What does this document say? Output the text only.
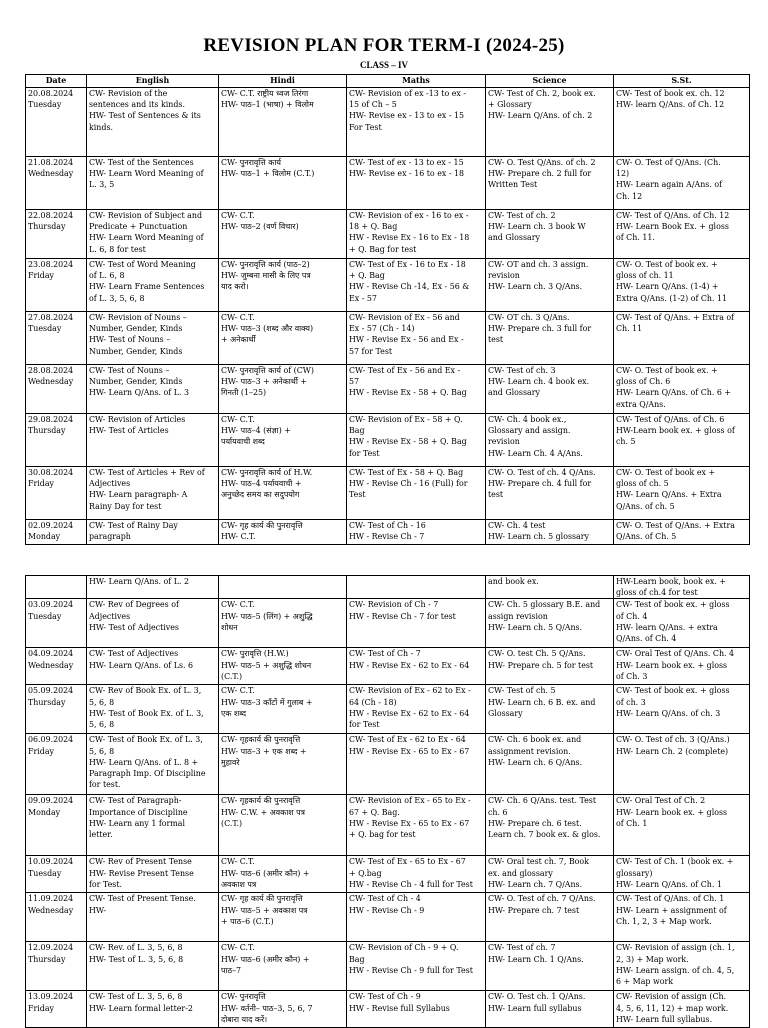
REVISION PLAN FOR TERM-I (2024-25)
CLASS – IV
Date	English	Hindi	Maths	Science	S.St.
20.08.2024
Tuesday	CW- Revision of the
sentences and its kinds.
HW- Test of Sentences & its
kinds.	CW- C.T. राष्ट्रीय ध्वज तिरंगा
HW- पाठ–1 (भाषा) + विलोम	CW- Revision of ex -13 to ex -
15 of Ch – 5
HW- Revise ex - 13 to ex - 15
For Test	CW- Test of Ch. 2, book ex.
+ Glossary
HW- Learn Q/Ans. of ch. 2	CW- Test of book ex. ch. 12
HW- learn Q/Ans. of Ch. 12
21.08.2024
Wednesday	CW- Test of the Sentences
HW- Learn Word Meaning of
L. 3, 5	CW- पुनरावृत्ति कार्य
HW- पाठ–1 + विलोम (C.T.)	CW- Test of ex - 13 to ex - 15
HW- Revise ex - 16 to ex - 18	CW- O. Test Q/Ans. of ch. 2
HW- Prepare ch. 2 full for
Written Test	CW- O. Test of Q/Ans. (Ch.
12)
HW- Learn again A/Ans. of
Ch. 12
22.08.2024
Thursday	CW- Revision of Subject and
Predicate + Punctuation
HW- Learn Word Meaning of
L. 6, 8 for test	CW- C.T.
HW- पाठ–2 (वर्ण विचार)	CW- Revision of ex - 16 to ex -
18 + Q. Bag
HW - Revise Ex - 16 to Ex - 18
+ Q. Bag for test	CW- Test of ch. 2
HW- Learn ch. 3 book W
and Glossary	CW- Test of Q/Ans. of Ch. 12
HW- Learn Book Ex. + gloss
of Ch. 11.
23.08.2024
Friday	CW- Test of Word Meaning
of L. 6, 8
HW- Learn Frame Sentences
of L. 3, 5, 6, 8	CW- पुनरावृत्ति कार्य (पाठ–2)
HW- जुम्बना मासी के लिए पत्र
याद करो।	CW- Test of Ex - 16 to Ex - 18
+ Q. Bag
HW - Revise Ch -14, Ex - 56 &
Ex - 57	CW- OT and ch. 3 assign.
revision
HW- Learn ch. 3 Q/Ans.	CW- O. Test of book ex. +
gloss of ch. 11
HW- Learn Q/Ans. (1-4) +
Extra Q/Ans. (1-2) of Ch. 11
27.08.2024
Tuesday	CW- Revision of Nouns –
Number, Gender, Kinds
HW- Test of Nouns –
Number, Gender, Kinds	CW- C.T.
HW- पाठ–3 (शब्द और वाक्य)
+ अनेकार्थी	CW- Revision of Ex - 56 and
Ex - 57 (Ch - 14)
HW - Revise Ex - 56 and Ex -
57 for Test	CW- OT ch. 3 Q/Ans.
HW- Prepare ch. 3 full for
test	CW- Test of Q/Ans. + Extra of
Ch. 11
28.08.2024
Wednesday	CW- Test of Nouns –
Number, Gender, Kinds
HW- Learn Q/Ans. of L. 3	CW- पुनरावृत्ति कार्य of (CW)
HW- पाठ–3 + अनेकार्थी +
गिनती (1–25)	CW- Test of Ex - 56 and Ex -
57
HW - Revise Ex - 58 + Q. Bag	CW- Test of ch. 3
HW- Learn ch. 4 book ex.
and Glossary	CW- O. Test of book ex. +
gloss of Ch. 6
HW- Learn Q/Ans. of Ch. 6 +
extra Q/Ans.
29.08.2024
Thursday	CW- Revision of Articles
HW- Test of Articles	CW- C.T.
HW- पाठ–4 (संज्ञा) +
पर्यायवाची शब्द	CW- Revision of Ex - 58 + Q.
Bag
HW - Revise Ex - 58 + Q. Bag
for Test	CW- Ch. 4 book ex.,
Glossary and assign.
revision
HW- Learn Ch. 4 A/Ans.	CW- Test of Q/Ans. of Ch. 6
HW-Learn book ex. + gloss of
ch. 5
30.08.2024
Friday	CW- Test of Articles + Rev of
Adjectives
HW- Learn paragraph- A
Rainy Day for test	CW- पुनरावृत्ति कार्य of H.W.
HW- पाठ–4 पर्यायवाची +
अनुच्छेद समय का सदुपयोग	CW- Test of Ex - 58 + Q. Bag
HW - Revise Ch - 16 (Full) for
Test	CW- O. Test of ch. 4 Q/Ans.
HW- Prepare ch. 4 full for
test	CW- O. Test of book ex +
gloss of ch. 5
HW- Learn Q/Ans. + Extra
Q/Ans. of ch. 5
02.09.2024
Monday	CW- Test of Rainy Day
paragraph	CW- गृह कार्य की पुनरावृत्ति
HW- C.T.	CW- Test of Ch - 16
HW - Revise Ch - 7	CW- Ch. 4 test
HW- Learn ch. 5 glossary	CW- O. Test of Q/Ans. + Extra
Q/Ans. of Ch. 5
	HW- Learn Q/Ans. of L. 2			and book ex.	HW-Learn book, book ex. +
gloss of ch.4 for test
03.09.2024
Tuesday	CW- Rev of Degrees of
Adjectives
HW- Test of Adjectives	CW- C.T.
HW- पाठ–5 (लिंग) + अशुद्धि
शोधन	CW- Revision of Ch - 7
HW - Revise Ch - 7 for test	CW- Ch. 5 glossary B.E. and
assign revision
HW- Learn ch. 5 Q/Ans.	CW- Test of book ex. + gloss
of Ch. 4
HW- learn Q/Ans. + extra
Q/Ans. of Ch. 4
04.09.2024
Wednesday	CW- Test of Adjectives
HW- Learn Q/Ans. of Ls. 6	CW- पुरावृत्ति (H.W.)
HW- पाठ–5 + अशुद्धि शोधन
(C.T.)	CW- Test of Ch - 7
HW - Revise Ex - 62 to Ex - 64	CW- O. test Ch. 5 Q/Ans.
HW- Prepare ch. 5 for test	CW- Oral Test of Q/Ans. Ch. 4
HW- Learn book ex. + gloss
of Ch. 3
05.09.2024
Thursday	CW- Rev of Book Ex. of L. 3,
5, 6, 8
HW- Test of Book Ex. of L. 3,
5, 6, 8	CW- C.T.
HW- पाठ–3 काँटों में गुलाब +
एक शब्द	CW- Revision of Ex - 62 to Ex -
64 (Ch - 18)
HW - Revise Ex - 62 to Ex - 64
for Test	CW- Test of ch. 5
HW- Learn ch. 6 B. ex. and
Glossary	CW- Test of book ex. + gloss
of ch. 3
HW- Learn Q/Ans. of ch. 3
06.09.2024
Friday	CW- Test of Book Ex. of L. 3,
5, 6, 8
HW- Learn Q/Ans. of L. 8 +
Paragraph Imp. Of Discipline
for test.	CW- गृहकार्य की पुनरावृत्ति
HW- पाठ–3 + एक शब्द +
मुहावरे	CW- Test of Ex - 62 to Ex - 64
HW - Revise Ex - 65 to Ex - 67	CW- Ch. 6 book ex. and
assignment revision.
HW- Learn ch. 6 Q/Ans.	CW- O. Test of ch. 3 (Q/Ans.)
HW- Learn Ch. 2 (complete)
09.09.2024
Monday	CW- Test of Paragraph-
Importance of Discipline
HW- Learn any 1 formal
letter.	CW- गृहकार्य की पुनरावृत्ति
HW- C.W. + अवकाश पत्र
(C.T.)	CW- Revision of Ex - 65 to Ex -
67 + Q. Bag.
HW - Revise Ex - 65 to Ex - 67
+ Q. bag for test	CW- Ch. 6 Q/Ans. test. Test
ch. 6
HW- Prepare ch. 6 test.
Learn ch. 7 book ex. & glos.	CW- Oral Test of Ch. 2
HW- Learn book ex. + gloss
of Ch. 1
10.09.2024
Tuesday	CW- Rev of Present Tense
HW- Revise Present Tense
for Test.	CW- C.T.
HW- पाठ–6 (अमीर कौन) +
अवकाश पत्र	CW- Test of Ex - 65 to Ex - 67
+ Q.bag
HW - Revise Ch - 4 full for Test	CW- Oral test ch. 7, Book
ex. and glossary
HW- Learn ch. 7 Q/Ans.	CW- Test of Ch. 1 (book ex. +
glossary)
HW- Learn Q/Ans. of Ch. 1
11.09.2024
Wednesday	CW- Test of Present Tense.
HW-	CW- गृह कार्य की पुनरावृत्ति
HW- पाठ–5 + अवकाश पत्र
+ पाठ–6 (C.T.)	CW- Test of Ch - 4
HW - Revise Ch - 9	CW- O. Test of ch. 7 Q/Ans.
HW- Prepare ch. 7 test	CW- Test of Q/Ans. of Ch. 1
HW- Learn + assignment of
Ch. 1, 2, 3 + Map work.
12.09.2024
Thursday	CW- Rev. of L. 3, 5, 6, 8
HW- Test of L. 3, 5, 6, 8	CW- C.T.
HW- पाठ–6 (अमीर कौन) +
पाठ–7	CW- Revision of Ch - 9 + Q.
Bag
HW - Revise Ch - 9 full for Test	CW- Test of ch. 7
HW- Learn Ch. 1 Q/Ans.	CW- Revision of assign (ch. 1,
2, 3) + Map work.
HW- Learn assign. of ch. 4, 5,
6 + Map work
13.09.2024
Friday	CW- Test of L. 3, 5, 6, 8
HW- Learn formal letter-2	CW- पुनरावृत्ति
HW- वर्तनी– पाठ–3, 5, 6, 7
दोबारा याद करें।	CW- Test of Ch - 9
HW - Revise full Syllabus	CW- O. Test ch. 1 Q/Ans.
HW- Learn full syllabus	CW- Revision of assign (Ch.
4, 5, 6, 11, 12) + map work.
HW- Learn full syllabus.
